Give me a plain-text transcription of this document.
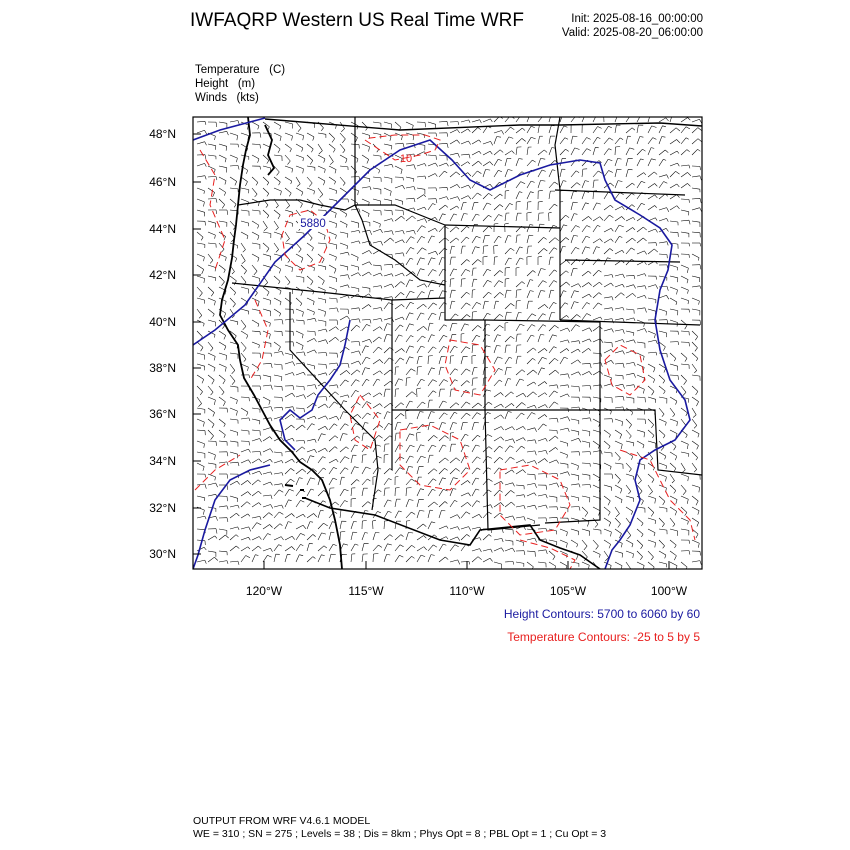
IWFAQRP Western US Real Time WRF	Init: 2025-08-16_00:00:00
Valid: 2025-08-20_06:00:00
Temperature   (C)
Height   (m)
Winds   (kts)
5880
10
48°N
46°N
44°N
42°N
40°N
38°N
36°N
34°N
32°N
30°N
120°W	115°W	110°W	105°W	100°W
Height Contours: 5700 to 6060 by 60
Temperature Contours: -25 to 5 by 5
OUTPUT FROM WRF V4.6.1 MODEL
WE = 310 ; SN = 275 ; Levels = 38 ; Dis = 8km ; Phys Opt = 8 ; PBL Opt = 1 ; Cu Opt = 3
